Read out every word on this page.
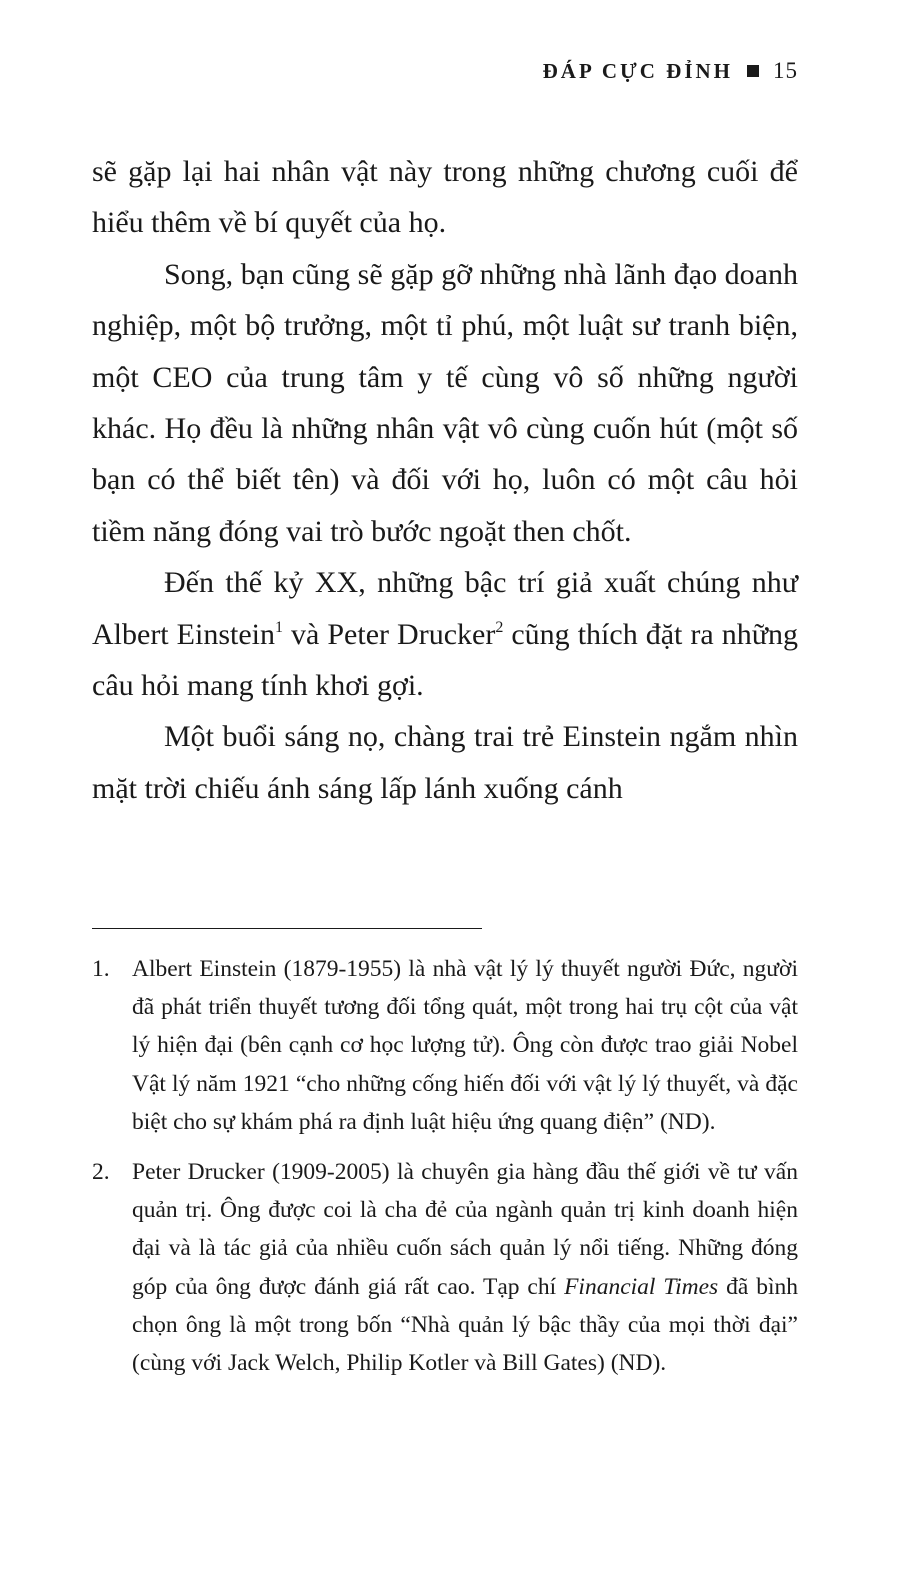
ĐÁP CỰC ĐỈNH 15

sẽ gặp lại hai nhân vật này trong những chương cuối để hiểu thêm về bí quyết của họ.

Song, bạn cũng sẽ gặp gỡ những nhà lãnh đạo doanh nghiệp, một bộ trưởng, một tỉ phú, một luật sư tranh biện, một CEO của trung tâm y tế cùng vô số những người khác. Họ đều là những nhân vật vô cùng cuốn hút (một số bạn có thể biết tên) và đối với họ, luôn có một câu hỏi tiềm năng đóng vai trò bước ngoặt then chốt.

Đến thế kỷ XX, những bậc trí giả xuất chúng như Albert Einstein$^1$ và Peter Drucker$^2$ cũng thích đặt ra những câu hỏi mang tính khơi gợi.

Một buổi sáng nọ, chàng trai trẻ Einstein ngắm nhìn mặt trời chiếu ánh sáng lấp lánh xuống cánh

1. Albert Einstein (1879-1955) là nhà vật lý lý thuyết người Đức, người đã phát triển thuyết tương đối tổng quát, một trong hai trụ cột của vật lý hiện đại (bên cạnh cơ học lượng tử). Ông còn được trao giải Nobel Vật lý năm 1921 “cho những cống hiến đối với vật lý lý thuyết, và đặc biệt cho sự khám phá ra định luật hiệu ứng quang điện” (ND).
2. Peter Drucker (1909-2005) là chuyên gia hàng đầu thế giới về tư vấn quản trị. Ông được coi là cha đẻ của ngành quản trị kinh doanh hiện đại và là tác giả của nhiều cuốn sách quản lý nổi tiếng. Những đóng góp của ông được đánh giá rất cao. Tạp chí Financial Times đã bình chọn ông là một trong bốn “Nhà quản lý bậc thầy của mọi thời đại” (cùng với Jack Welch, Philip Kotler và Bill Gates) (ND).
